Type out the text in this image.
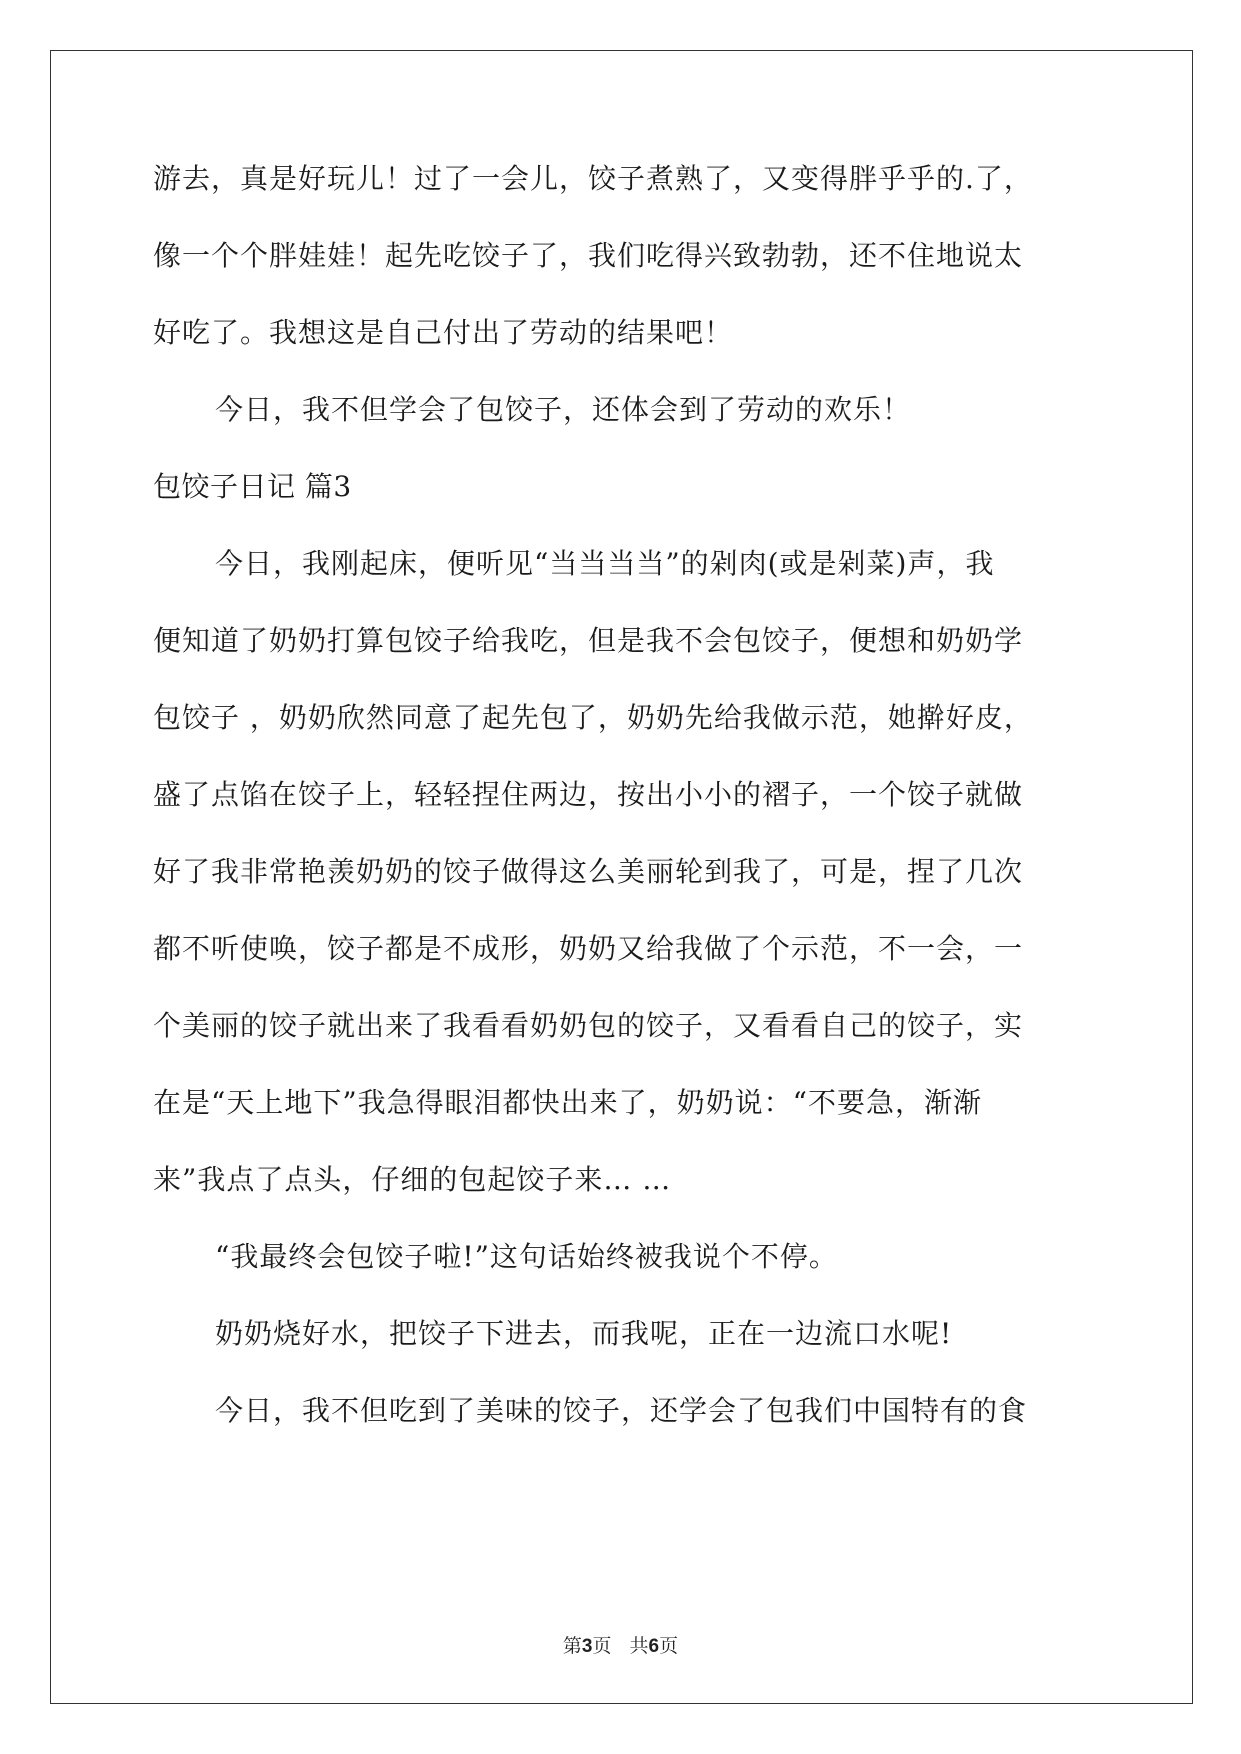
游去，真是好玩儿！过了一会儿，饺子煮熟了，又变得胖乎乎的.了，
像一个个胖娃娃！起先吃饺子了，我们吃得兴致勃勃，还不住地说太
好吃了。我想这是自己付出了劳动的结果吧！
今日，我不但学会了包饺子，还体会到了劳动的欢乐！
包饺子日记 篇3
今日，我刚起床，便听见“当当当当”的剁肉(或是剁菜)声，我
便知道了奶奶打算包饺子给我吃，但是我不会包饺子，便想和奶奶学
包饺子 ，奶奶欣然同意了起先包了，奶奶先给我做示范，她擀好皮，
盛了点馅在饺子上，轻轻捏住两边，按出小小的褶子，一个饺子就做
好了我非常艳羡奶奶的饺子做得这么美丽轮到我了，可是，捏了几次
都不听使唤，饺子都是不成形，奶奶又给我做了个示范，不一会，一
个美丽的饺子就出来了我看看奶奶包的饺子，又看看自己的饺子，实
在是“天上地下”我急得眼泪都快出来了，奶奶说：“不要急，渐渐
来”我点了点头，仔细的包起饺子来… …
“我最终会包饺子啦!”这句话始终被我说个不停。
奶奶烧好水，把饺子下进去，而我呢，正在一边流口水呢!
今日，我不但吃到了美味的饺子，还学会了包我们中国特有的食
第3页 共6页
